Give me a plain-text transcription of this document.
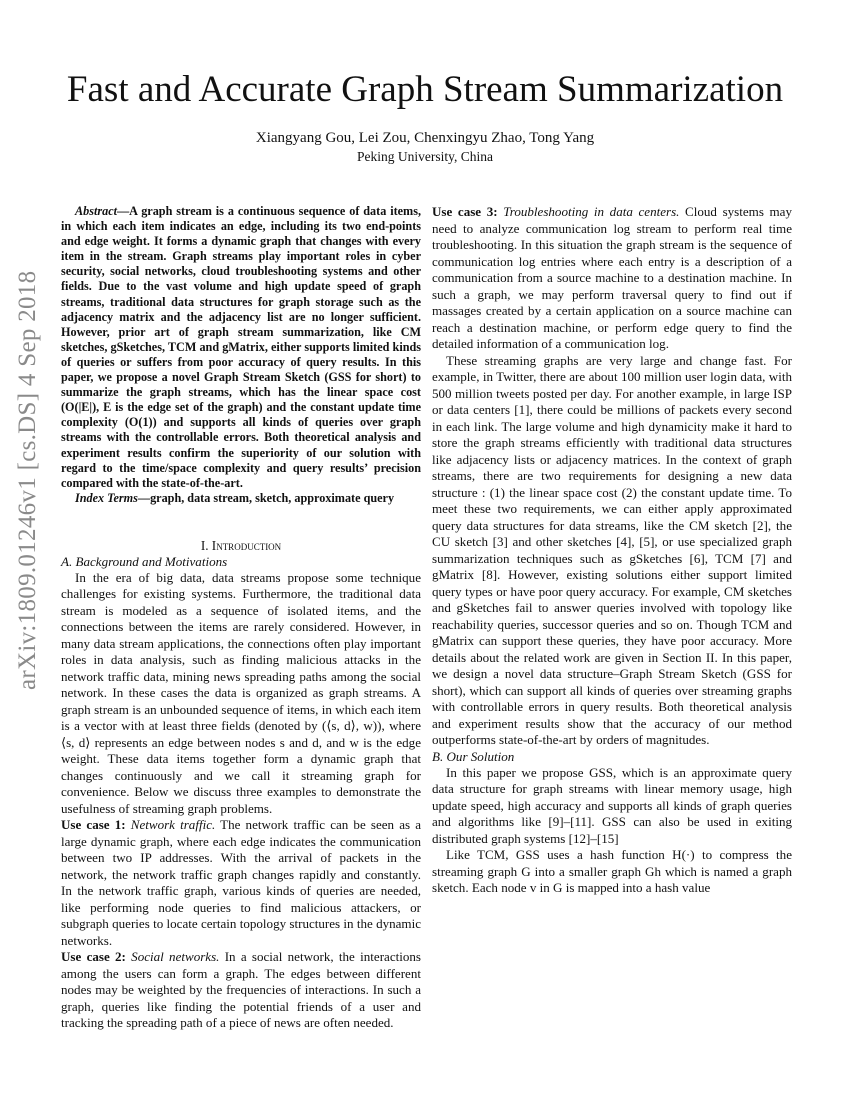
Fast and Accurate Graph Stream Summarization
Xiangyang Gou, Lei Zou, Chenxingyu Zhao, Tong Yang
Peking University, China
arXiv:1809.01246v1 [cs.DS] 4 Sep 2018

Abstract—A graph stream is a continuous sequence of data items, in which each item indicates an edge, including its two end-points and edge weight. It forms a dynamic graph that changes with every item in the stream. Graph streams play important roles in cyber security, social networks, cloud troubleshooting systems and other fields. Due to the vast volume and high update speed of graph streams, traditional data structures for graph storage such as the adjacency matrix and the adjacency list are no longer sufficient. However, prior art of graph stream summarization, like CM sketches, gSketches, TCM and gMatrix, either supports limited kinds of queries or suffers from poor accuracy of query results. In this paper, we propose a novel Graph Stream Sketch (GSS for short) to summarize the graph streams, which has the linear space cost (O(|E|), E is the edge set of the graph) and the constant update time complexity (O(1)) and supports all kinds of queries over graph streams with the controllable errors. Both theoretical analysis and experiment results confirm the superiority of our solution with regard to the time/space complexity and query results’ precision compared with the state-of-the-art.

Index Terms—graph, data stream, sketch, approximate query

I. Introduction
A. Background and Motivations

In the era of big data, data streams propose some technique challenges for existing systems. Furthermore, the traditional data stream is modeled as a sequence of isolated items, and the connections between the items are rarely considered. However, in many data stream applications, the connections often play important roles in data analysis, such as finding malicious attacks in the network traffic data, mining news spreading paths among the social network. In these cases the data is organized as graph streams. A graph stream is an unbounded sequence of items, in which each item is a vector with at least three fields (denoted by (⟨s, d⟩, w)), where ⟨s, d⟩ represents an edge between nodes s and d, and w is the edge weight. These data items together form a dynamic graph that changes continuously and we call it streaming graph for convenience. Below we discuss three examples to demonstrate the usefulness of streaming graph problems.

Use case 1: Network traffic. The network traffic can be seen as a large dynamic graph, where each edge indicates the communication between two IP addresses. With the arrival of packets in the network, the network traffic graph changes rapidly and constantly. In the network traffic graph, various kinds of queries are needed, like performing node queries to find malicious attackers, or subgraph queries to locate certain topology structures in the dynamic networks.

Use case 2: Social networks. In a social network, the interactions among the users can form a graph. The edges between different nodes may be weighted by the frequencies of interactions. In such a graph, queries like finding the potential friends of a user and tracking the spreading path of a piece of news are often needed.

Use case 3: Troubleshooting in data centers. Cloud systems may need to analyze communication log stream to perform real time troubleshooting. In this situation the graph stream is the sequence of communication log entries where each entry is a description of a communication from a source machine to a destination machine. In such a graph, we may perform traversal query to find out if massages created by a certain application on a source machine can reach a destination machine, or perform edge query to find the detailed information of a communication log.

These streaming graphs are very large and change fast. For example, in Twitter, there are about 100 million user login data, with 500 million tweets posted per day. For another example, in large ISP or data centers [1], there could be millions of packets every second in each link. The large volume and high dynamicity make it hard to store the graph streams efficiently with traditional data structures like adjacency lists or adjacency matrices. In the context of graph streams, there are two requirements for designing a new data structure : (1) the linear space cost (2) the constant update time. To meet these two requirements, we can either apply approximated query data structures for data streams, like the CM sketch [2], the CU sketch [3] and other sketches [4], [5], or use specialized graph summarization techniques such as gSketches [6], TCM [7] and gMatrix [8]. However, existing solutions either support limited query types or have poor query accuracy. For example, CM sketches and gSketches fail to answer queries involved with topology like reachability queries, successor queries and so on. Though TCM and gMatrix can support these queries, they have poor accuracy. More details about the related work are given in Section II. In this paper, we design a novel data structure–Graph Stream Sketch (GSS for short), which can support all kinds of queries over streaming graphs with controllable errors in query results. Both theoretical analysis and experiment results show that the accuracy of our method outperforms state-of-the-art by orders of magnitudes.

B. Our Solution

In this paper we propose GSS, which is an approximate query data structure for graph streams with linear memory usage, high update speed, high accuracy and supports all kinds of graph queries and algorithms like [9]–[11]. GSS can also be used in exiting distributed graph systems [12]–[15]

Like TCM, GSS uses a hash function H(·) to compress the streaming graph G into a smaller graph Gh which is named a graph sketch. Each node v in G is mapped into a hash value
